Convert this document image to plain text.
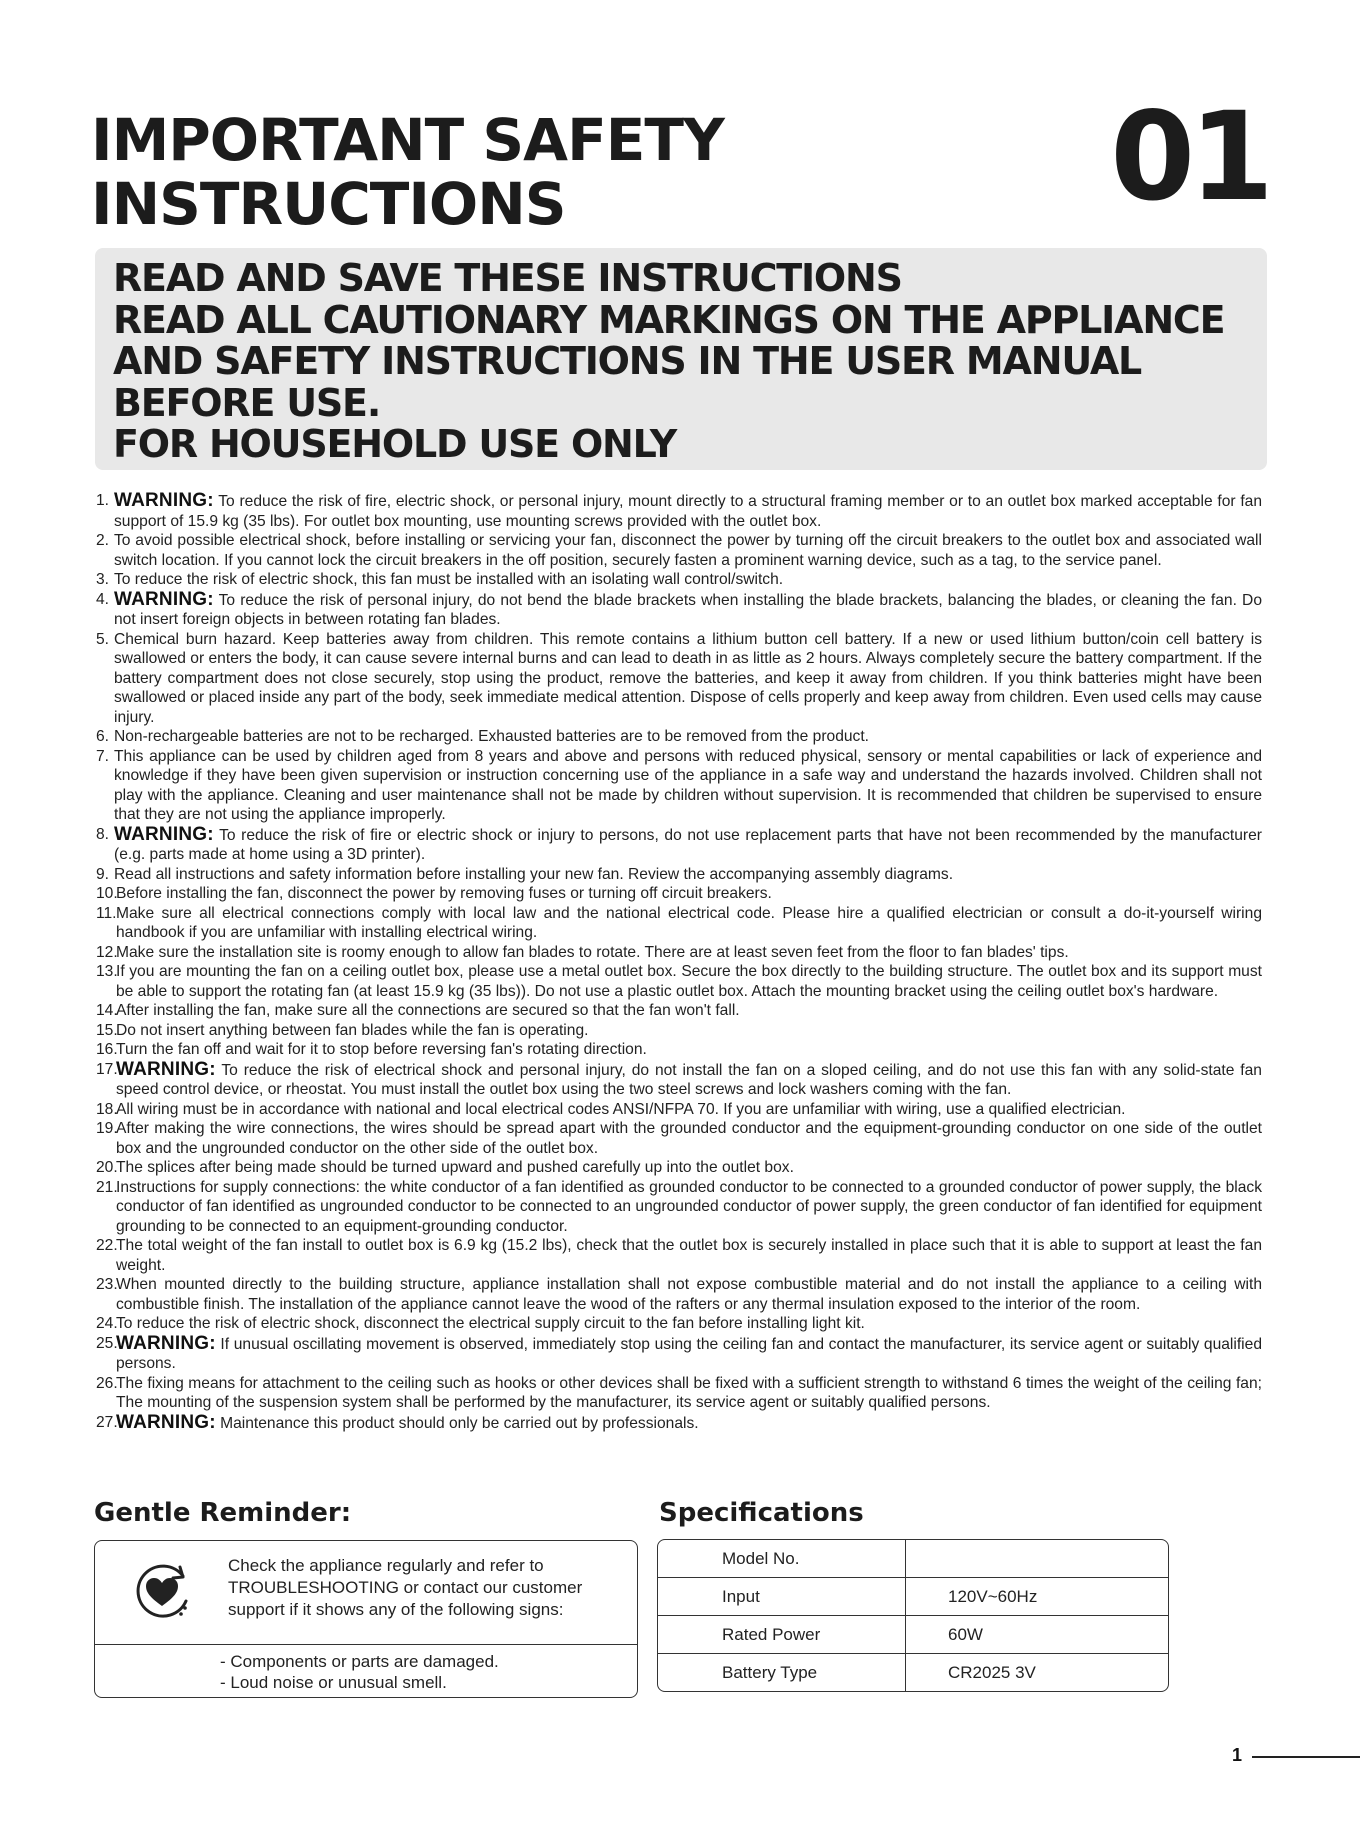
IMPORTANT SAFETY
INSTRUCTIONS	01
READ AND SAVE THESE INSTRUCTIONS
READ ALL CAUTIONARY MARKINGS ON THE APPLIANCE
AND SAFETY INSTRUCTIONS IN THE USER MANUAL
BEFORE USE.
FOR HOUSEHOLD USE ONLY
1. WARNING: To reduce the risk of fire, electric shock, or personal injury, mount directly to a structural framing member or to an outlet box marked acceptable for fan support of 15.9 kg (35 lbs). For outlet box mounting, use mounting screws provided with the outlet box.
2. To avoid possible electrical shock, before installing or servicing your fan, disconnect the power by turning off the circuit breakers to the outlet box and associated wall switch location. If you cannot lock the circuit breakers in the off position, securely fasten a prominent warning device, such as a tag, to the service panel.
3. To reduce the risk of electric shock, this fan must be installed with an isolating wall control/switch.
4. WARNING: To reduce the risk of personal injury, do not bend the blade brackets when installing the blade brackets, balancing the blades, or cleaning the fan. Do not insert foreign objects in between rotating fan blades.
5. Chemical burn hazard. Keep batteries away from children. This remote contains a lithium button cell battery. If a new or used lithium button/coin cell battery is swallowed or enters the body, it can cause severe internal burns and can lead to death in as little as 2 hours. Always completely secure the battery compartment. If the battery compartment does not close securely, stop using the product, remove the batteries, and keep it away from children. If you think batteries might have been swallowed or placed inside any part of the body, seek immediate medical attention. Dispose of cells properly and keep away from children. Even used cells may cause injury.
6. Non-rechargeable batteries are not to be recharged. Exhausted batteries are to be removed from the product.
7. This appliance can be used by children aged from 8 years and above and persons with reduced physical, sensory or mental capabilities or lack of experience and knowledge if they have been given supervision or instruction concerning use of the appliance in a safe way and understand the hazards involved. Children shall not play with the appliance. Cleaning and user maintenance shall not be made by children without supervision. It is recommended that children be supervised to ensure that they are not using the appliance improperly.
8. WARNING: To reduce the risk of fire or electric shock or injury to persons, do not use replacement parts that have not been recommended by the manufacturer (e.g. parts made at home using a 3D printer).
9. Read all instructions and safety information before installing your new fan. Review the accompanying assembly diagrams.
10.
Before installing the fan, disconnect the power by removing fuses or turning off circuit breakers.
11. Make sure all electrical connections comply with local law and the national electrical code. Please hire a qualified electrician or consult a do-it-yourself wiring handbook if you are unfamiliar with installing electrical wiring.
12.
Make sure the installation site is roomy enough to allow fan blades to rotate. There are at least seven feet from the floor to fan blades' tips.
13.
If you are mounting the fan on a ceiling outlet box, please use a metal outlet box. Secure the box directly to the building structure. The outlet box and its support must be able to support the rotating fan (at least 15.9 kg (35 lbs)). Do not use a plastic outlet box. Attach the mounting bracket using the ceiling outlet box's hardware.
14.
After installing the fan, make sure all the connections are secured so that the fan won't fall.
15.
Do not insert anything between fan blades while the fan is operating.
16.
Turn the fan off and wait for it to stop before reversing fan's rotating direction.
17.
WARNING: To reduce the risk of electrical shock and personal injury, do not install the fan on a sloped ceiling, and do not use this fan with any solid-state fan speed control device, or rheostat. You must install the outlet box using the two steel screws and lock washers coming with the fan.
18.
All wiring must be in accordance with national and local electrical codes ANSI/NFPA 70. If you are unfamiliar with wiring, use a qualified electrician.
19.
After making the wire connections, the wires should be spread apart with the grounded conductor and the equipment-grounding conductor on one side of the outlet box and the ungrounded conductor on the other side of the outlet box.
20.
The splices after being made should be turned upward and pushed carefully up into the outlet box.
21.
Instructions for supply connections: the white conductor of a fan identified as grounded conductor to be connected to a grounded conductor of power supply, the black conductor of fan identified as ungrounded conductor to be connected to an ungrounded conductor of power supply, the green conductor of fan identified for equipment grounding to be connected to an equipment-grounding conductor.
22.
The total weight of the fan install to outlet box is 6.9 kg (15.2 lbs), check that the outlet box is securely installed in place such that it is able to support at least the fan weight.
23.
When mounted directly to the building structure, appliance installation shall not expose combustible material and do not install the appliance to a ceiling with combustible finish. The installation of the appliance cannot leave the wood of the rafters or any thermal insulation exposed to the interior of the room.
24.
To reduce the risk of electric shock, disconnect the electrical supply circuit to the fan before installing light kit.
25.
WARNING: If unusual oscillating movement is observed, immediately stop using the ceiling fan and contact the manufacturer, its service agent or suitably qualified persons.
26.
The fixing means for attachment to the ceiling such as hooks or other devices shall be fixed with a sufficient strength to withstand 6 times the weight of the ceiling fan; The mounting of the suspension system shall be performed by the manufacturer, its service agent or suitably qualified persons.
27.
WARNING: Maintenance this product should only be carried out by professionals.
Gentle Reminder:
Check the appliance regularly and refer to TROUBLESHOOTING or contact our customer support if it shows any of the following signs:
- Components or parts are damaged.
- Loud noise or unusual smell.
Specifications
Model No.	
Input	120V~60Hz
Rated Power	60W
Battery Type	CR2025 3V
1
